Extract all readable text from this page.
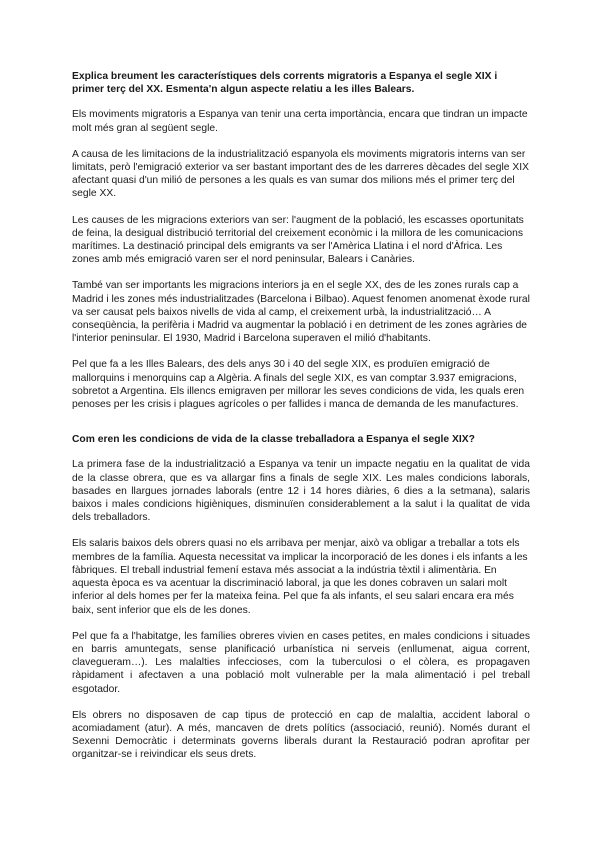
Explica breument les característiques dels corrents migratoris a Espanya el segle XIX i primer terç del XX. Esmenta'n algun aspecte relatiu a les illes Balears.

Els moviments migratoris a Espanya van tenir una certa importància, encara que tindran un impacte molt més gran al següent segle.

A causa de les limitacions de la industrialització espanyola els moviments migratoris interns van ser limitats, però l'emigració exterior va ser bastant important des de les darreres dècades del segle XIX afectant quasi d'un milió de persones a les quals es van sumar dos milions més el primer terç del segle XX.

Les causes de les migracions exteriors van ser: l'augment de la població, les escasses oportunitats de feina, la desigual distribució territorial del creixement econòmic i la millora de les comunicacions marítimes. La destinació principal dels emigrants va ser l'Amèrica Llatina i el nord d'Àfrica. Les zones amb més emigració varen ser el nord peninsular, Balears i Canàries.

També van ser importants les migracions interiors ja en el segle XX, des de les zones rurals cap a Madrid i les zones més industrialitzades (Barcelona i Bilbao). Aquest fenomen anomenat èxode rural va ser causat pels baixos nivells de vida al camp, el creixement urbà, la industrialització… A conseqüència, la perifèria i Madrid va augmentar la població i en detriment de les zones agràries de l'interior peninsular. El 1930, Madrid i Barcelona superaven el milió d'habitants.

Pel que fa a les Illes Balears, des dels anys 30 i 40 del segle XIX, es produïen emigració de mallorquins i menorquins cap a Algèria. A finals del segle XIX, es van comptar 3.937 emigracions, sobretot a Argentina. Els illencs emigraven per millorar les seves condicions de vida, les quals eren penoses per les crisis i plagues agrícoles o per fallides i manca de demanda de les manufactures.

Com eren les condicions de vida de la classe treballadora a Espanya el segle XIX?

La primera fase de la industrialització a Espanya va tenir un impacte negatiu en la qualitat de vida de la classe obrera, que es va allargar fins a finals de segle XIX. Les males condicions laborals, basades en llargues jornades laborals (entre 12 i 14 hores diàries, 6 dies a la setmana), salaris baixos i males condicions higièniques, disminuïen considerablement a la salut i la qualitat de vida dels treballadors.

Els salaris baixos dels obrers quasi no els arribava per menjar, això va obligar a treballar a tots els membres de la família. Aquesta necessitat va implicar la incorporació de les dones i els infants a les fàbriques. El treball industrial femení estava més associat a la indústria tèxtil i alimentària. En aquesta època es va acentuar la discriminació laboral, ja que les dones cobraven un salari molt inferior al dels homes per fer la mateixa feina. Pel que fa als infants, el seu salari encara era més baix, sent inferior que els de les dones.

Pel que fa a l'habitatge, les famílies obreres vivien en cases petites, en males condicions i situades en barris amuntegats, sense planificació urbanística ni serveis (enllumenat, aigua corrent, clavegueram…). Les malalties infeccioses, com la tuberculosi o el còlera, es propagaven ràpidament i afectaven a una població molt vulnerable per la mala alimentació i pel treball esgotador.

Els obrers no disposaven de cap tipus de protecció en cap de malaltia, accident laboral o acomiadament (atur). A més, mancaven de drets polítics (associació, reunió). Només durant el Sexenni Democràtic i determinats governs liberals durant la Restauració podran aprofitar per organitzar-se i reivindicar els seus drets.
